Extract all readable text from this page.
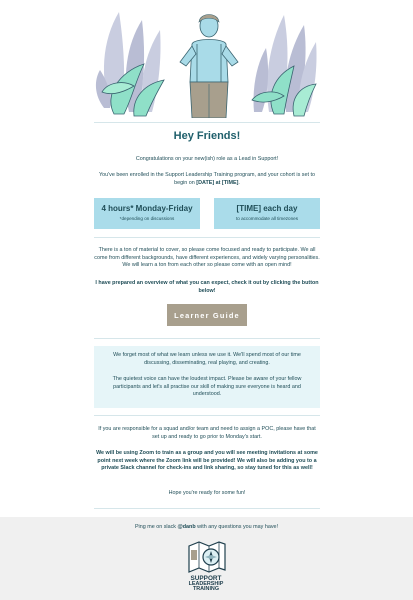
Hey Friends!
Congratulations on your new(ish) role as a Lead in Support!
You've been enrolled in the Support Leadership Training program, and your cohort is set to begin on [DATE] at [TIME].
4 hours* Monday-Friday
*depending on discussions
[TIME] each day
to accommodate all timezones
There is a ton of material to cover, so please come focused and ready to participate. We all come from different backgrounds, have different experiences, and widely varying personalities. We will learn a ton from each other so please come with an open mind!
I have prepared an overview of what you can expect, check it out by clicking the button below!
Learner Guide
We forget most of what we learn unless we use it. We'll spend most of our time discussing, disseminating, real playing, and creating.
The quietest voice can have the loudest impact. Please be aware of your fellow participants and let's all practise our skill of making sure everyone is heard and understood.
If you are responsible for a squad and/or team and need to assign a POC, please have that set up and ready to go prior to Monday's start.
We will be using Zoom to train as a group and you will see meeting invitations at some point next week where the Zoom link will be provided! We will also be adding you to a private Slack channel for check-ins and link sharing, so stay tuned for this as well!
Hope you're ready for some fun!
Ping me on slack @danb with any questions you may have!
SUPPORT
LEADERSHIP
TRAINING
